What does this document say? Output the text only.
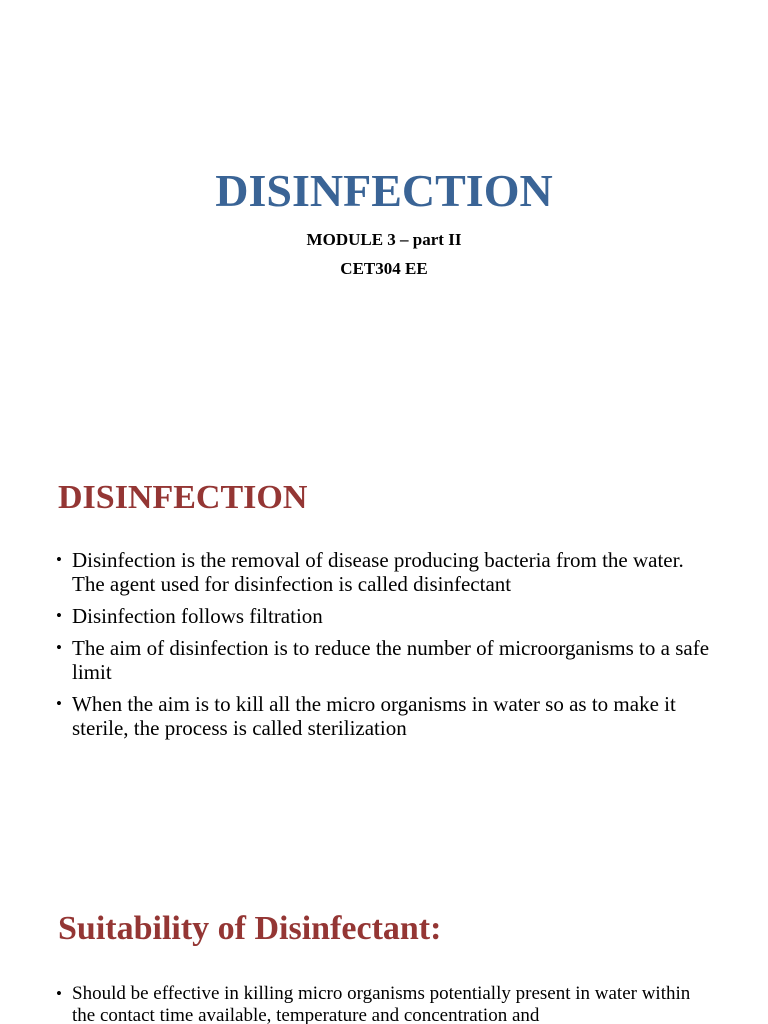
DISINFECTION

MODULE 3 – part II

CET304 EE

DISINFECTION
• Disinfection is the removal of disease producing bacteria from the water. The agent used for disinfection is called disinfectant
• Disinfection follows filtration
• The aim of disinfection is to reduce the number of microorganisms to a safe limit
• When the aim is to kill all the micro organisms in water so as to make it sterile, the process is called sterilization
Suitability of Disinfectant:
• Should be effective in killing micro organisms potentially present in water within the contact time available, temperature and concentration and
